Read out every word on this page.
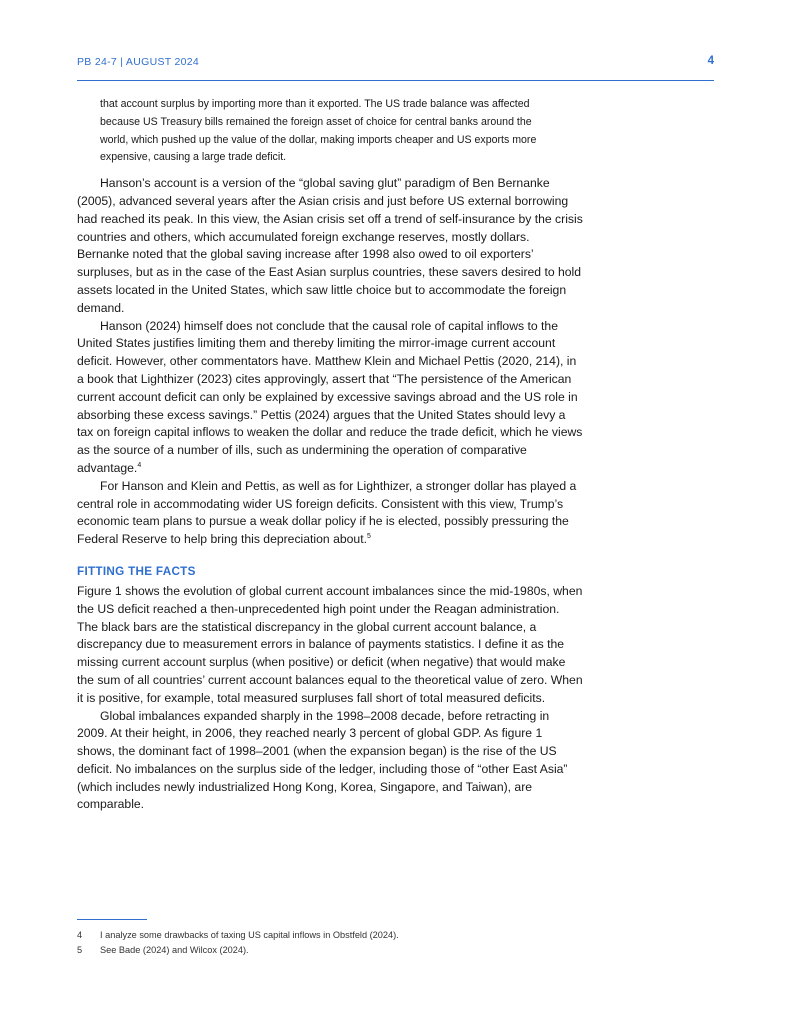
PB 24-7 | AUGUST 2024	4

that account surplus by importing more than it exported. The US trade balance was affected because US Treasury bills remained the foreign asset of choice for central banks around the world, which pushed up the value of the dollar, making imports cheaper and US exports more expensive, causing a large trade deficit.

Hanson’s account is a version of the “global saving glut” paradigm of Ben Bernanke (2005), advanced several years after the Asian crisis and just before US external borrowing had reached its peak. In this view, the Asian crisis set off a trend of self-insurance by the crisis countries and others, which accumulated foreign exchange reserves, mostly dollars. Bernanke noted that the global saving increase after 1998 also owed to oil exporters’ surpluses, but as in the case of the East Asian surplus countries, these savers desired to hold assets located in the United States, which saw little choice but to accommodate the foreign demand.

Hanson (2024) himself does not conclude that the causal role of capital inflows to the United States justifies limiting them and thereby limiting the mirror-image current account deficit. However, other commentators have. Matthew Klein and Michael Pettis (2020, 214), in a book that Lighthizer (2023) cites approvingly, assert that “The persistence of the American current account deficit can only be explained by excessive savings abroad and the US role in absorbing these excess savings.” Pettis (2024) argues that the United States should levy a tax on foreign capital inflows to weaken the dollar and reduce the trade deficit, which he views as the source of a number of ills, such as undermining the operation of comparative advantage.$^4$

For Hanson and Klein and Pettis, as well as for Lighthizer, a stronger dollar has played a central role in accommodating wider US foreign deficits. Consistent with this view, Trump’s economic team plans to pursue a weak dollar policy if he is elected, possibly pressuring the Federal Reserve to help bring this depreciation about.$^5$

FITTING THE FACTS

Figure 1 shows the evolution of global current account imbalances since the mid-1980s, when the US deficit reached a then-unprecedented high point under the Reagan administration. The black bars are the statistical discrepancy in the global current account balance, a discrepancy due to measurement errors in balance of payments statistics. I define it as the missing current account surplus (when positive) or deficit (when negative) that would make the sum of all countries’ current account balances equal to the theoretical value of zero. When it is positive, for example, total measured surpluses fall short of total measured deficits.

Global imbalances expanded sharply in the 1998–2008 decade, before retracting in 2009. At their height, in 2006, they reached nearly 3 percent of global GDP. As figure 1 shows, the dominant fact of 1998–2001 (when the expansion began) is the rise of the US deficit. No imbalances on the surplus side of the ledger, including those of “other East Asia” (which includes newly industrialized Hong Kong, Korea, Singapore, and Taiwan), are comparable.

4	I analyze some drawbacks of taxing US capital inflows in Obstfeld (2024).
5	See Bade (2024) and Wilcox (2024).
